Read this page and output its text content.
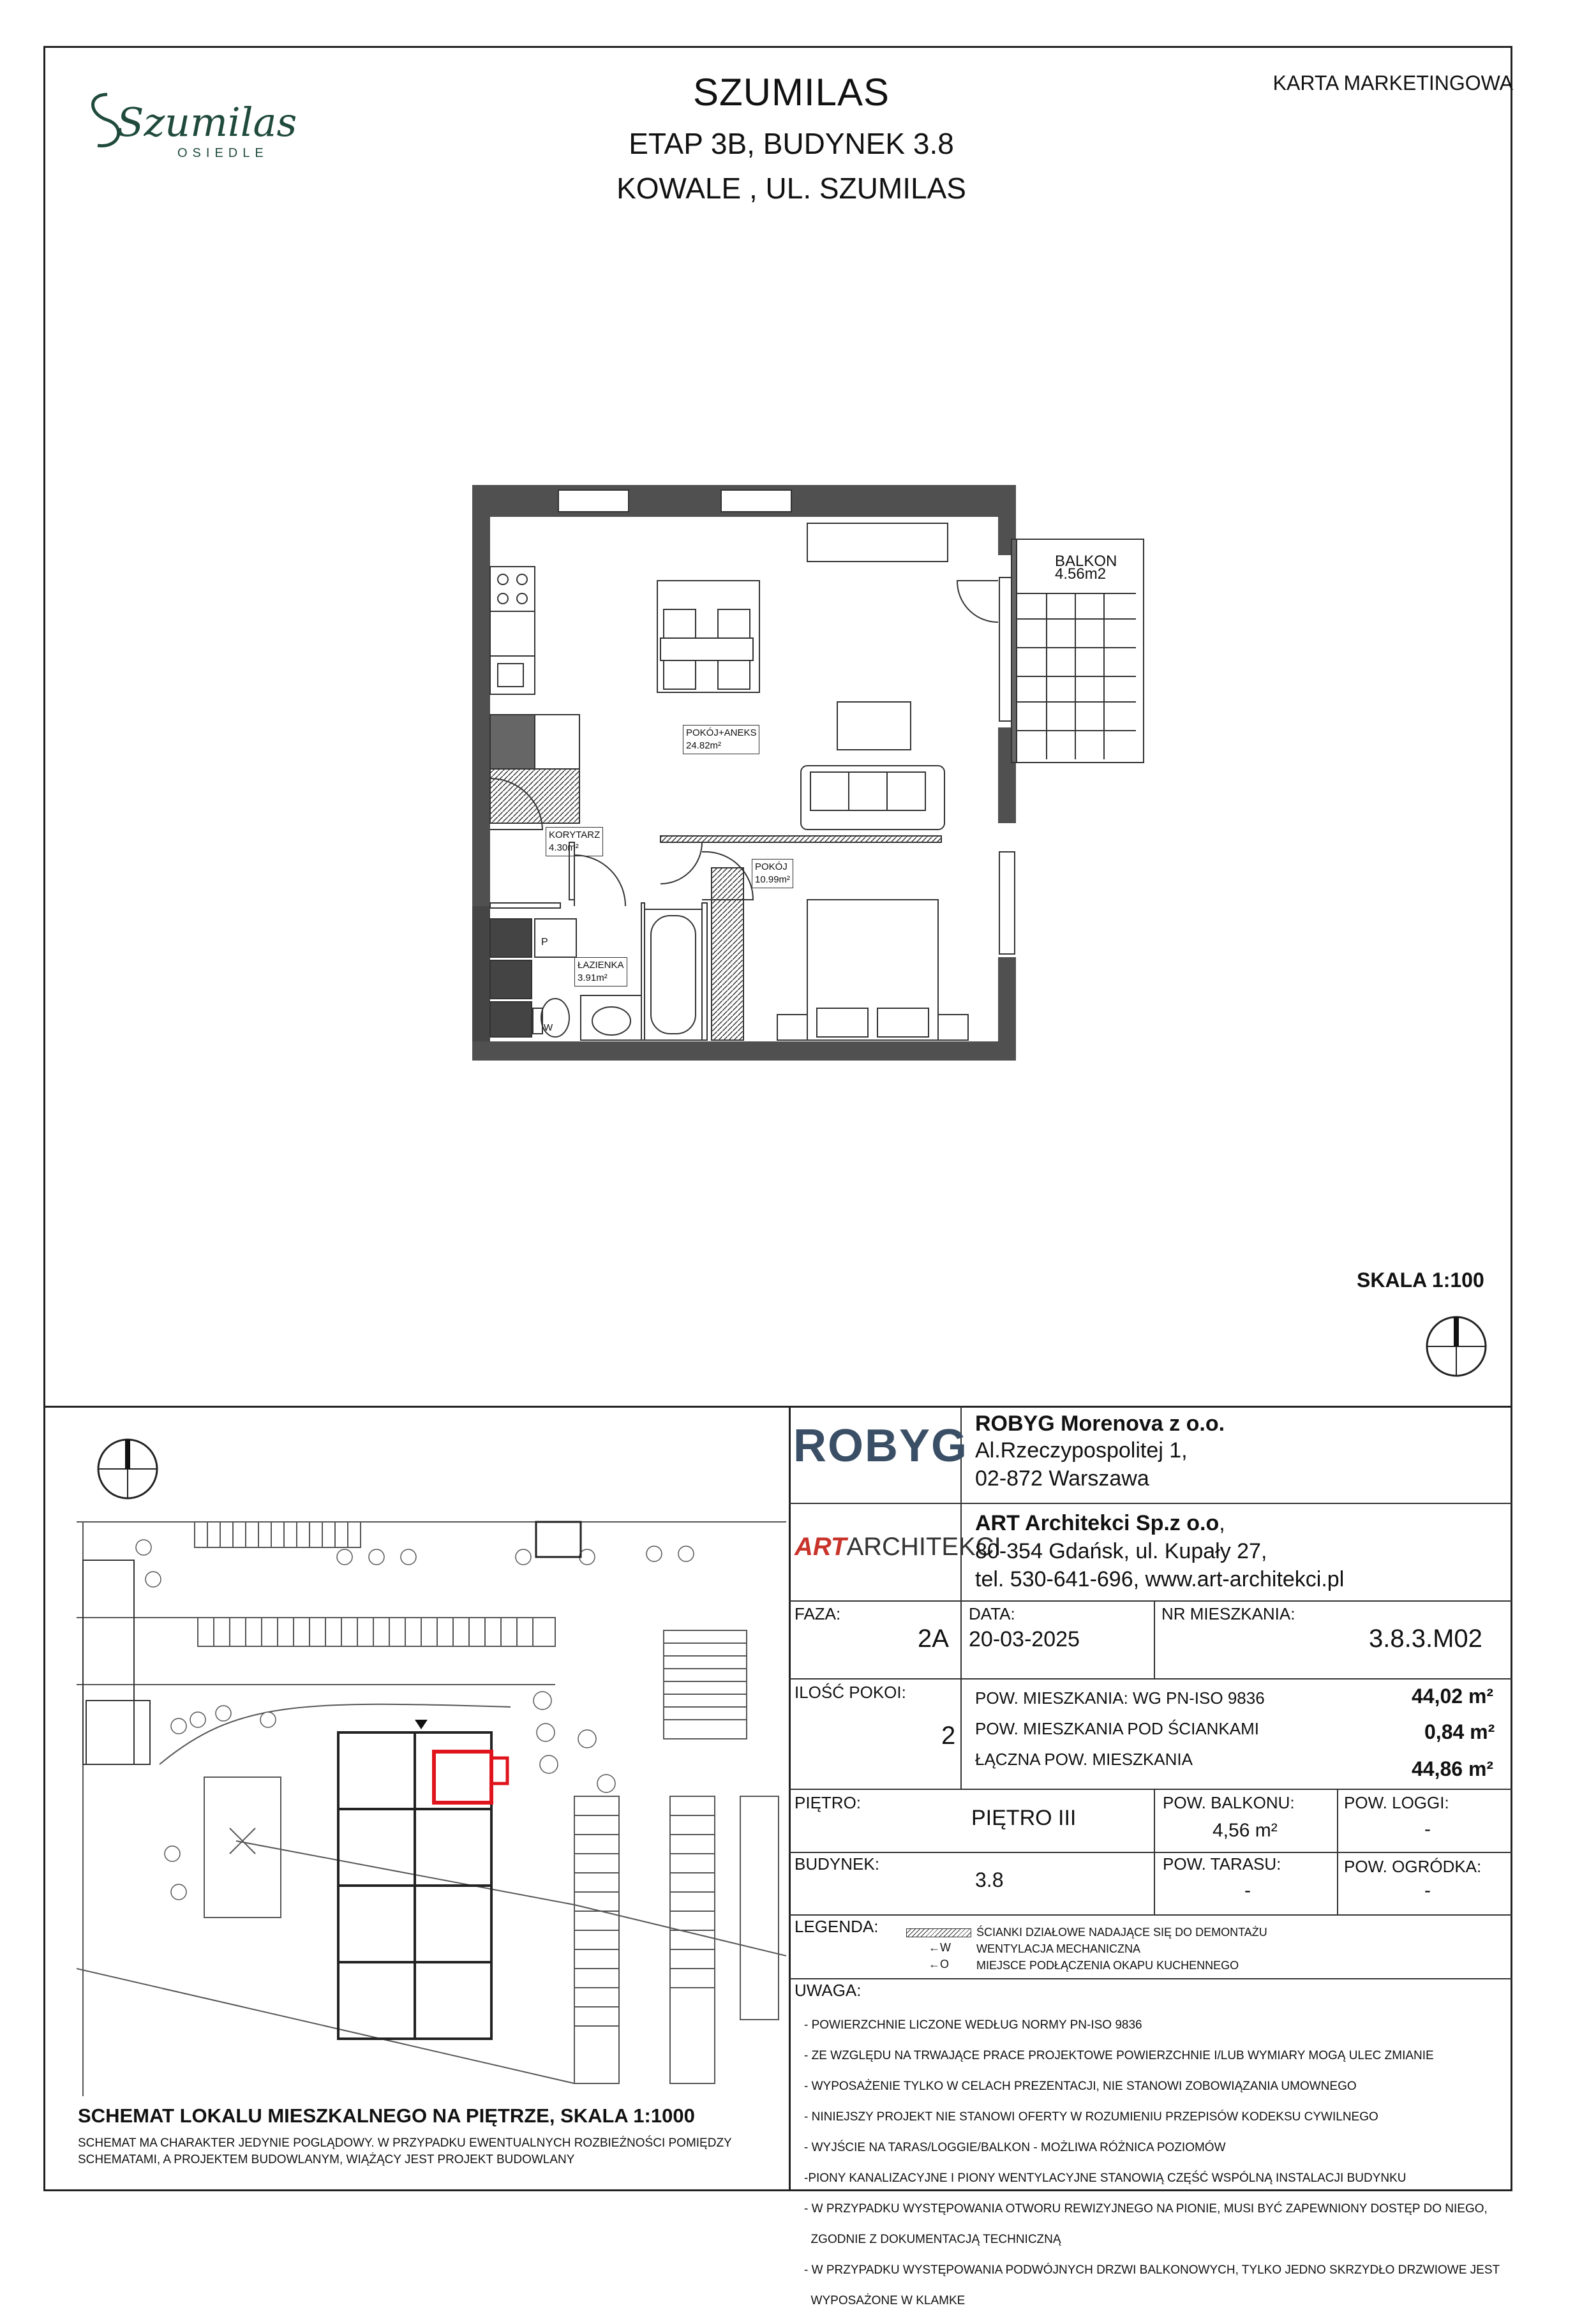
Szumilas
OSIEDLE
SZUMILAS
ETAP 3B, BUDYNEK 3.8
KOWALE , UL. SZUMILAS
KARTA MARKETINGOWA
BALKON
4.56m2
POKÓJ+ANEKS
24.82m²
KORYTARZ
4.30m²
POKÓJ
10.99m²
ŁAZIENKA
3.91m²
P
W
SKALA 1:100
ROBYG ROBYG Morenova z o.o.
Al.Rzeczypospolitej 1,
02-872 Warszawa
ARTARCHITEKCI
ART Architekci Sp.z o.o,
80-354 Gdańsk, ul. Kupały 27,
tel. 530-641-696, www.art-architekci.pl
FAZA:
2A
DATA:
20-03-2025
NR MIESZKANIA:
3.8.3.M02
ILOŚĆ POKOI:
2
POW. MIESZKANIA: WG PN-ISO 9836	44,02 m²
POW. MIESZKANIA POD ŚCIANKAMI	0,84 m²
ŁĄCZNA POW. MIESZKANIA	44,86 m²
PIĘTRO:
PIĘTRO III
POW. BALKONU:
4,56 m²
POW. LOGGI:
-
BUDYNEK:
3.8
POW. TARASU:
-
POW. OGRÓDKA:
-
LEGENDA:	ŚCIANKI DZIAŁOWE NADAJĄCE SIĘ DO DEMONTAŻU
←W WENTYLACJA MECHANICZNA
←O MIEJSCE PODŁĄCZENIA OKAPU KUCHENNEGO
UWAGA:

- POWIERZCHNIE LICZONE WEDŁUG NORMY PN-ISO 9836

- ZE WZGLĘDU NA TRWAJĄCE PRACE PROJEKTOWE POWIERZCHNIE I/LUB WYMIARY MOGĄ ULEC ZMIANIE

- WYPOSAŻENIE TYLKO W CELACH PREZENTACJI, NIE STANOWI ZOBOWIĄZANIA UMOWNEGO

- NINIEJSZY PROJEKT NIE STANOWI OFERTY W ROZUMIENIU PRZEPISÓW KODEKSU CYWILNEGO

- WYJŚCIE NA TARAS/LOGGIE/BALKON - MOŻLIWA RÓŻNICA POZIOMÓW

-PIONY KANALIZACYJNE I PIONY WENTYLACYJNE STANOWIĄ CZĘŚĆ WSPÓLNĄ INSTALACJI BUDYNKU

- W PRZYPADKU WYSTĘPOWANIA OTWORU REWIZYJNEGO NA PIONIE, MUSI BYĆ ZAPEWNIONY DOSTĘP DO NIEGO,

ZGODNIE Z DOKUMENTACJĄ TECHNICZNĄ

- W PRZYPADKU WYSTĘPOWANIA PODWÓJNYCH DRZWI BALKONOWYCH, TYLKO JEDNO SKRZYDŁO DRZWIOWE JEST

WYPOSAŻONE W KLAMKE

SCHEMAT LOKALU MIESZKALNEGO NA PIĘTRZE, SKALA 1:1000
SCHEMAT MA CHARAKTER JEDYNIE POGLĄDOWY. W PRZYPADKU EWENTUALNYCH ROZBIEŻNOŚCI POMIĘDZY
SCHEMATAMI, A PROJEKTEM BUDOWLANYM, WIĄŻĄCY JEST PROJEKT BUDOWLANY
